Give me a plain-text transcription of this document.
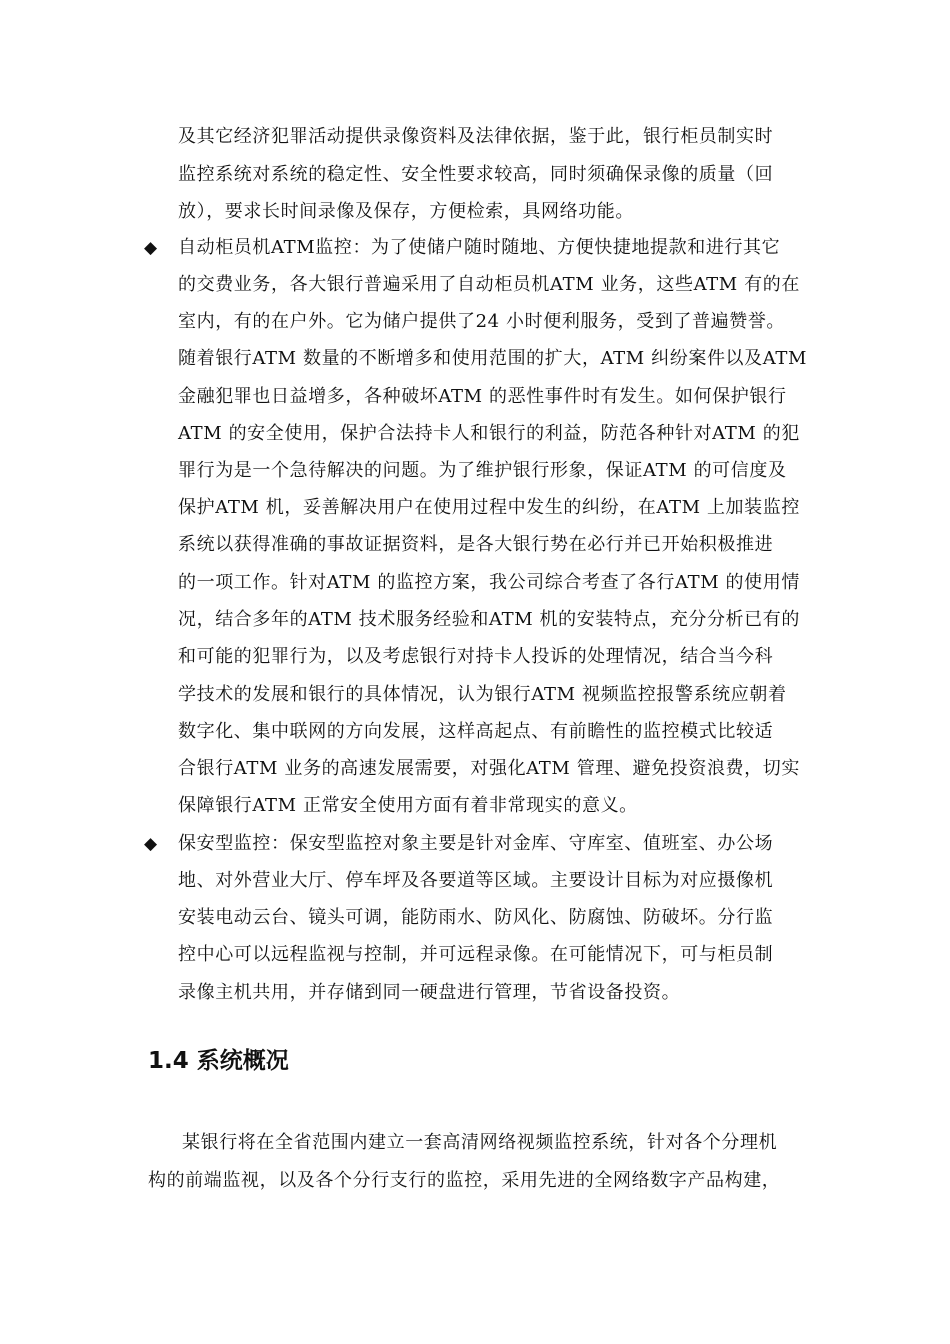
及其它经济犯罪活动提供录像资料及法律依据，鉴于此，银行柜员制实时
监控系统对系统的稳定性、安全性要求较高，同时须确保录像的质量（回
放），要求长时间录像及保存，方便检索，具网络功能。
◆ 自动柜员机ATM监控：为了使储户随时随地、方便快捷地提款和进行其它
的交费业务，各大银行普遍采用了自动柜员机ATM 业务，这些ATM 有的在
室内，有的在户外。它为储户提供了24 小时便利服务，受到了普遍赞誉。
随着银行ATM 数量的不断增多和使用范围的扩大，ATM 纠纷案件以及ATM
金融犯罪也日益增多，各种破坏ATM 的恶性事件时有发生。如何保护银行
ATM 的安全使用，保护合法持卡人和银行的利益，防范各种针对ATM 的犯
罪行为是一个急待解决的问题。为了维护银行形象，保证ATM 的可信度及
保护ATM 机，妥善解决用户在使用过程中发生的纠纷，在ATM 上加装监控
系统以获得准确的事故证据资料，是各大银行势在必行并已开始积极推进
的一项工作。针对ATM 的监控方案，我公司综合考查了各行ATM 的使用情
况，结合多年的ATM 技术服务经验和ATM 机的安装特点，充分分析已有的
和可能的犯罪行为，以及考虑银行对持卡人投诉的处理情况，结合当今科
学技术的发展和银行的具体情况，认为银行ATM 视频监控报警系统应朝着
数字化、集中联网的方向发展，这样高起点、有前瞻性的监控模式比较适
合银行ATM 业务的高速发展需要，对强化ATM 管理、避免投资浪费，切实
保障银行ATM 正常安全使用方面有着非常现实的意义。
◆ 保安型监控：保安型监控对象主要是针对金库、守库室、值班室、办公场
地、对外营业大厅、停车坪及各要道等区域。主要设计目标为对应摄像机
安装电动云台、镜头可调，能防雨水、防风化、防腐蚀、防破坏。分行监
控中心可以远程监视与控制，并可远程录像。在可能情况下，可与柜员制
录像主机共用，并存储到同一硬盘进行管理，节省设备投资。
1.4 系统概况
某银行将在全省范围内建立一套高清网络视频监控系统，针对各个分理机
构的前端监视，以及各个分行支行的监控，采用先进的全网络数字产品构建，
